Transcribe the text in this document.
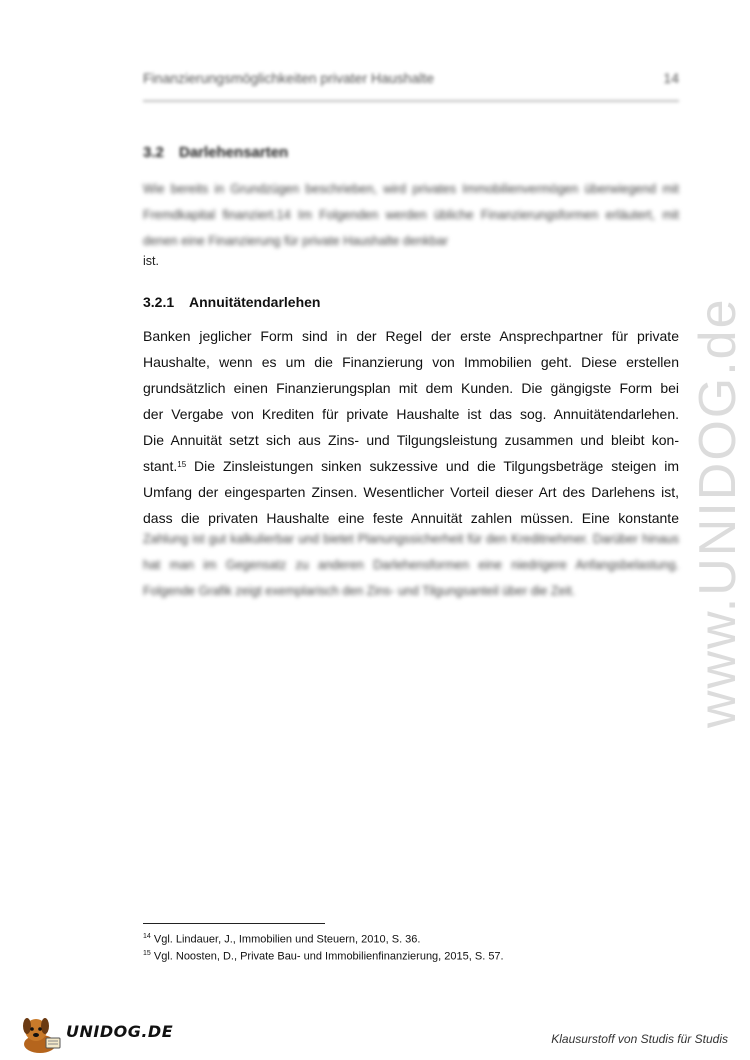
Finanzierungsmöglichkeiten privater Haushalte	14
3.2 Darlehensarten
Wie bereits in Grundzügen beschrieben, wird privates Immobilienvermögen überwiegend mit Fremdkapital finanziert.14 Im Folgenden werden übliche Finanzierungsformen erläutert, mit denen eine Finanzierung für private Haushalte denkbar
ist.
3.2.1 Annuitätendarlehen
Banken jeglicher Form sind in der Regel der erste Ansprechpartner für private
Haushalte, wenn es um die Finanzierung von Immobilien geht. Diese erstellen
grundsätzlich einen Finanzierungsplan mit dem Kunden. Die gängigste Form bei
der Vergabe von Krediten für private Haushalte ist das sog. Annuitätendarlehen.
Die Annuität setzt sich aus Zins- und Tilgungsleistung zusammen und bleibt kon-
stant.$^{15}$ Die Zinsleistungen sinken sukzessive und die Tilgungsbeträge steigen im
Umfang der eingesparten Zinsen. Wesentlicher Vorteil dieser Art des Darlehens ist,
dass die privaten Haushalte eine feste Annuität zahlen müssen. Eine konstante
Zahlung ist gut kalkulierbar und bietet Planungssicherheit für den Kreditnehmer. Darüber hinaus hat man im Gegensatz zu anderen Darlehensformen eine niedrigere Anfangsbelastung. Folgende Grafik zeigt exemplarisch den Zins- und Tilgungsanteil über die Zeit.	www.UNIDOG.de
$^{14}$ Vgl. Lindauer, J., Immobilien und Steuern, 2010, S. 36.
$^{15}$ Vgl. Noosten, D., Private Bau- und Immobilienfinanzierung, 2015, S. 57.
UNIDOG.DE	Klausurstoff von Studis für Studis
